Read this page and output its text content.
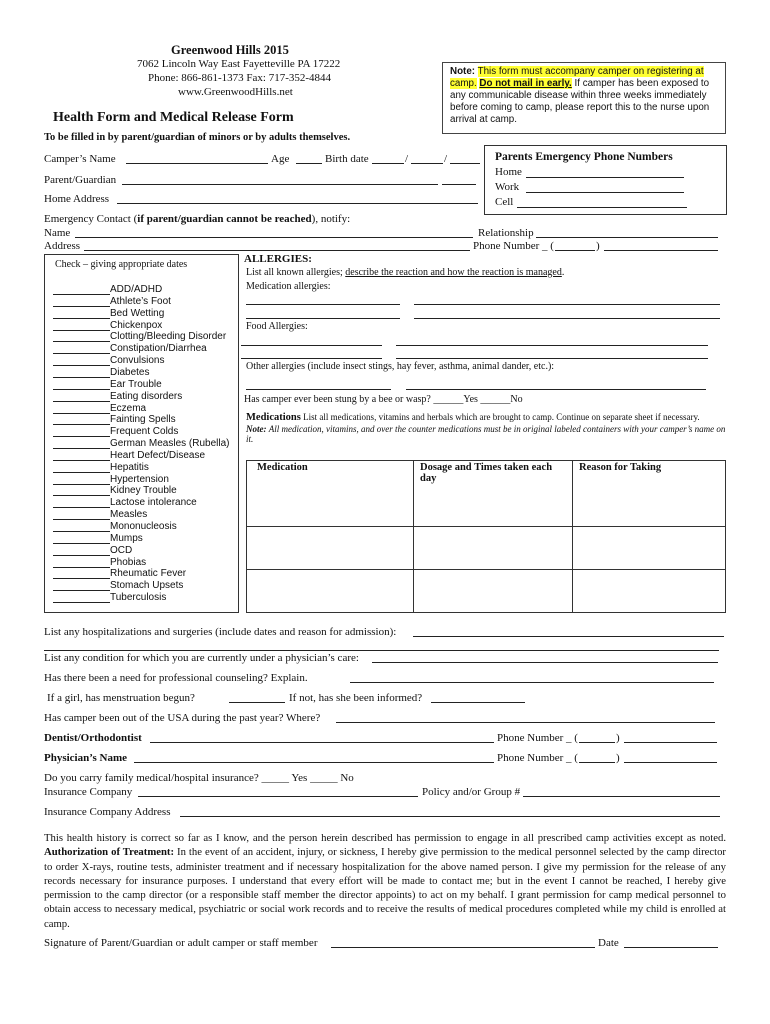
Greenwood Hills 2015
7062 Lincoln Way East Fayetteville PA 17222
Phone: 866-861-1373 Fax: 717-352-4844
www.GreenwoodHills.net
Health Form and Medical Release Form
To be filled in by parent/guardian of minors or by adults themselves.
Note: This form must accompany camper on registering at camp. Do not mail in early. If camper has been exposed to any communicable disease within three weeks immediately before coming to camp, please report this to the nurse upon arrival at camp.
Camper’s Name	Age	Birth date	/	/
Parent/Guardian
Home Address
Parents Emergency Phone Numbers
Home
Work
Cell
Emergency Contact (if parent/guardian cannot be reached), notify:
Name	Relationship
Address	Phone Number _ (	)
Check – giving appropriate dates
ADD/ADHD
Athlete’s Foot
Bed Wetting
Chickenpox
Clotting/Bleeding Disorder
Constipation/Diarrhea
Convulsions
Diabetes
Ear Trouble
Eating disorders
Eczema
Fainting Spells
Frequent Colds
German Measles (Rubella)
Heart Defect/Disease
Hepatitis
Hypertension
Kidney Trouble
Lactose intolerance
Measles
Mononucleosis
Mumps
OCD
Phobias
Rheumatic Fever
Stomach Upsets
Tuberculosis
ALLERGIES:
List all known allergies; describe the reaction and how the reaction is managed.
Medication allergies:
Food Allergies:
Other allergies (include insect stings, hay fever, asthma, animal dander, etc.):
Has camper ever been stung by a bee or wasp? ______Yes ______No
Medications List all medications, vitamins and herbals which are brought to camp. Continue on separate sheet if necessary.
Note: All medication, vitamins, and over the counter medications must be in original labeled containers with your camper’s name on it.
Medication	Dosage and Times taken each day	Reason for Taking

List any hospitalizations and surgeries (include dates and reason for admission):
List any condition for which you are currently under a physician’s care:
Has there been a need for professional counseling? Explain.
If a girl, has menstruation begun?	If not, has she been informed?
Has camper been out of the USA during the past year? Where?
Dentist/Orthodontist	Phone Number _ (	)
Physician’s Name	Phone Number _ (	)
Do you carry family medical/hospital insurance? _____ Yes _____ No
Insurance Company	Policy and/or Group #
Insurance Company Address
This health history is correct so far as I know, and the person herein described has permission to engage in all prescribed camp activities except as noted. Authorization of Treatment: In the event of an accident, injury, or sickness, I hereby give permission to the medical personnel selected by the camp director to order X-rays, routine tests, administer treatment and if necessary hospitalization for the above named person. I give my permission for the release of any records necessary for insurance purposes. I understand that every effort will be made to contact me; but in the event I cannot be reached, I hereby give permission to the camp director (or a responsible staff member the director appoints) to act on my behalf. I grant permission for camp medical personnel to obtain access to necessary medical, psychiatric or social work records and to receive the results of medical procedures completed while my child is enrolled at camp.
Signature of Parent/Guardian or adult camper or staff member	Date
